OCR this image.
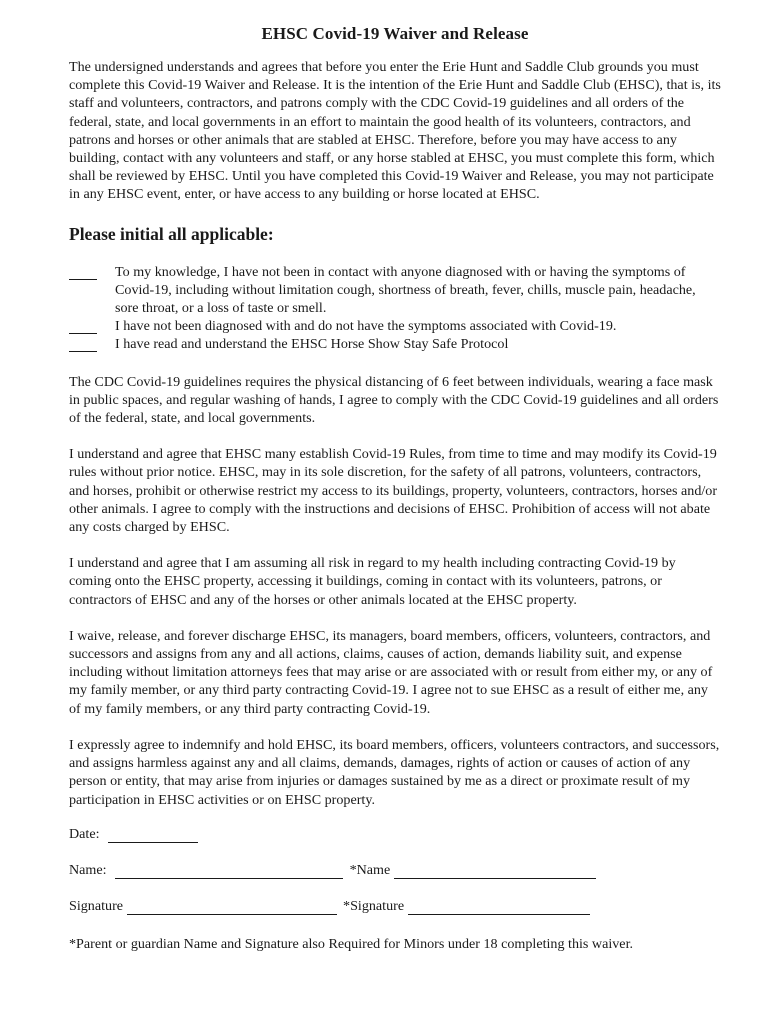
EHSC Covid-19 Waiver and Release

The undersigned understands and agrees that before you enter the Erie Hunt and Saddle Club grounds you must complete this Covid-19 Waiver and Release. It is the intention of the Erie Hunt and Saddle Club (EHSC), that is, its staff and volunteers, contractors, and patrons comply with the CDC Covid-19 guidelines and all orders of the federal, state, and local governments in an effort to maintain the good health of its volunteers, contractors, and patrons and horses or other animals that are stabled at EHSC. Therefore, before you may have access to any building, contact with any volunteers and staff, or any horse stabled at EHSC, you must complete this form, which shall be reviewed by EHSC. Until you have completed this Covid-19 Waiver and Release, you may not participate in any EHSC event, enter, or have access to any building or horse located at EHSC.

Please initial all applicable:
To my knowledge, I have not been in contact with anyone diagnosed with or having the symptoms of Covid-19, including without limitation cough, shortness of breath, fever, chills, muscle pain, headache, sore throat, or a loss of taste or smell.
I have not been diagnosed with and do not have the symptoms associated with Covid-19.
I have read and understand the EHSC Horse Show Stay Safe Protocol

The CDC Covid-19 guidelines requires the physical distancing of 6 feet between individuals, wearing a face mask in public spaces, and regular washing of hands, I agree to comply with the CDC Covid-19 guidelines and all orders of the federal, state, and local governments.

I understand and agree that EHSC many establish Covid-19 Rules, from time to time and may modify its Covid-19 rules without prior notice. EHSC, may in its sole discretion, for the safety of all patrons, volunteers, contractors, and horses, prohibit or otherwise restrict my access to its buildings, property, volunteers, contractors, horses and/or other animals. I agree to comply with the instructions and decisions of EHSC. Prohibition of access will not abate any costs charged by EHSC.

I understand and agree that I am assuming all risk in regard to my health including contracting Covid-19 by coming onto the EHSC property, accessing it buildings, coming in contact with its volunteers, patrons, or contractors of EHSC and any of the horses or other animals located at the EHSC property.

I waive, release, and forever discharge EHSC, its managers, board members, officers, volunteers, contractors, and successors and assigns from any and all actions, claims, causes of action, demands liability suit, and expense including without limitation attorneys fees that may arise or are associated with or result from either my, or any of my family member, or any third party contracting Covid-19. I agree not to sue EHSC as a result of either me, any of my family members, or any third party contracting Covid-19.

I expressly agree to indemnify and hold EHSC, its board members, officers, volunteers contractors, and successors, and assigns harmless against any and all claims, demands, damages, rights of action or causes of action of any person or entity, that may arise from injuries or damages sustained by me as a direct or proximate result of my participation in EHSC activities or on EHSC property.

Date:
Name:	*Name
Signature	*Signature

*Parent or guardian Name and Signature also Required for Minors under 18 completing this waiver.
